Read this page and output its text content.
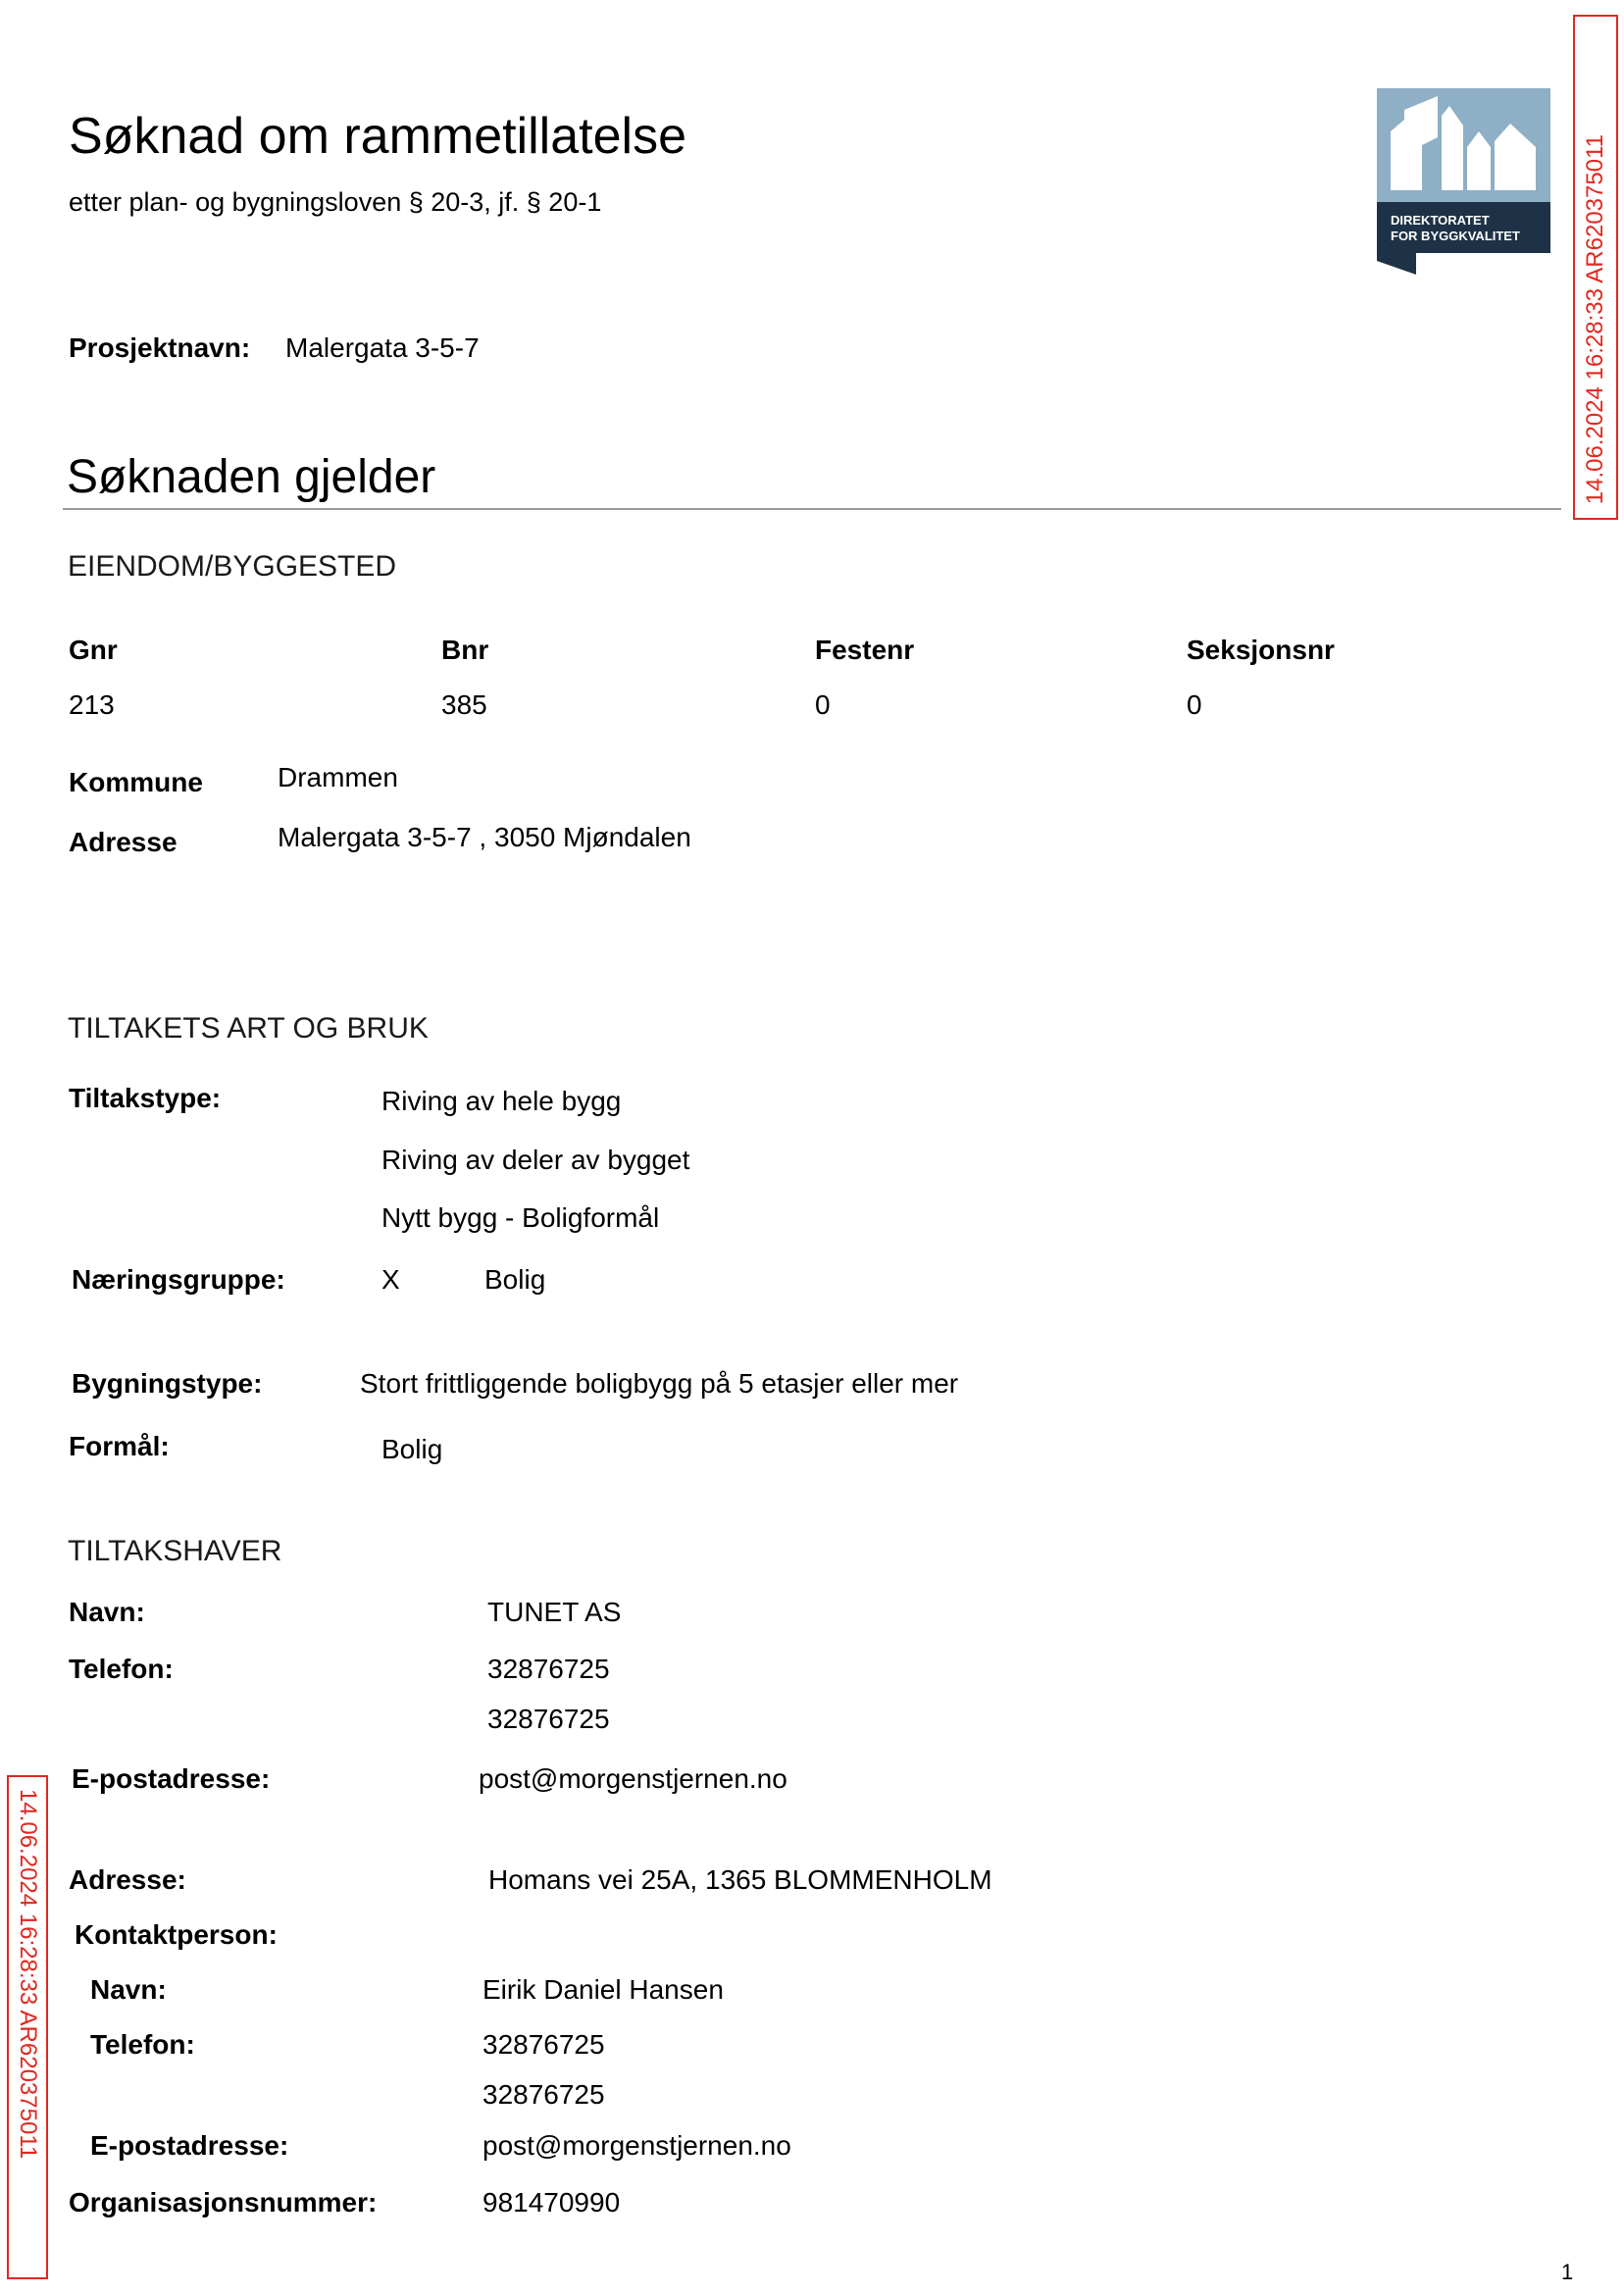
Søknad om rammetillatelse
etter plan- og bygningsloven § 20-3, jf. § 20-1
DIREKTORATET
FOR BYGGKVALITET	14.06.2024 16:28:33 AR620375011
14.06.2024 16:28:33 AR620375011
Prosjektnavn: Malergata 3-5-7
Søknaden gjelder
EIENDOM/BYGGESTED
Gnr	Bnr	Festenr	Seksjonsnr
213	385	0	0
Kommune	Drammen
Adresse	Malergata 3-5-7 , 3050 Mjøndalen
TILTAKETS ART OG BRUK
Tiltakstype:	Riving av hele bygg
Riving av deler av bygget
Nytt bygg - Boligformål
Næringsgruppe:	X	Bolig
Bygningstype:	Stort frittliggende boligbygg på 5 etasjer eller mer
Formål:	Bolig
TILTAKSHAVER
Navn:	TUNET AS
Telefon:	32876725
32876725
E-postadresse:	post@morgenstjernen.no
Adresse:	Homans vei 25A, 1365 BLOMMENHOLM
Kontaktperson:
Navn:	Eirik Daniel Hansen
Telefon:	32876725
32876725
E-postadresse:	post@morgenstjernen.no
Organisasjonsnummer:	981470990
1
